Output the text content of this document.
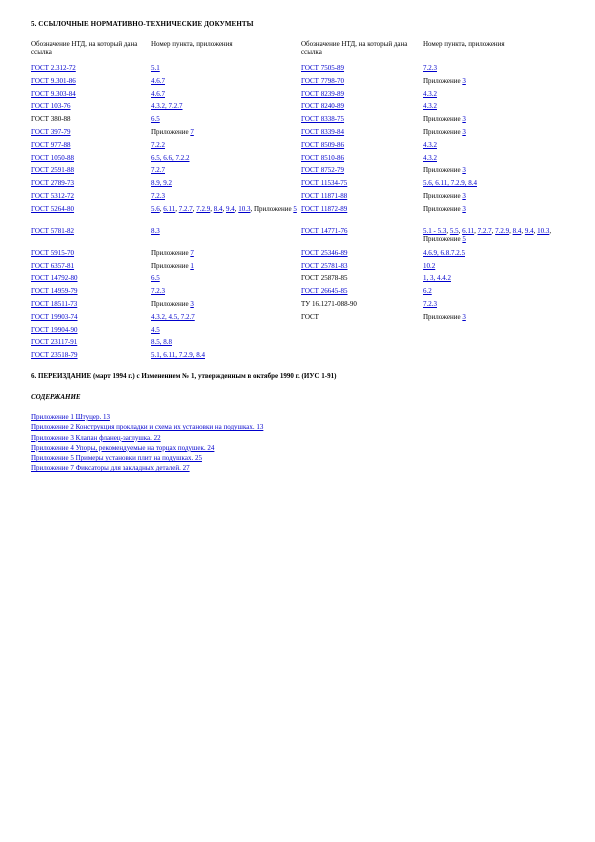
5. ССЫЛОЧНЫЕ НОРМАТИВНО-ТЕХНИЧЕСКИЕ ДОКУМЕНТЫ
Обозначение НТД, на который дана ссылка	Номер пункта, приложения	Обозначение НТД, на который дана ссылка	Номер пункта, приложения
ГОСТ 2.312-72	5.1	ГОСТ 7505-89	7.2.3
ГОСТ 9.301-86	4.6.7	ГОСТ 7798-70	Приложение 3
ГОСТ 9.303-84	4.6.7	ГОСТ 8239-89	4.3.2
ГОСТ 103-76	4.3.2, 7.2.7	ГОСТ 8240-89	4.3.2
ГОСТ 380-88	6.5	ГОСТ 8338-75	Приложение 3
ГОСТ 397-79	Приложение 7	ГОСТ 8339-84	Приложение 3
ГОСТ 977-88	7.2.2	ГОСТ 8509-86	4.3.2
ГОСТ 1050-88	6.5, 6.6, 7.2.2	ГОСТ 8510-86	4.3.2
ГОСТ 2591-88	7.2.7	ГОСТ 8752-79	Приложение 3
ГОСТ 2789-73	8.9, 9.2	ГОСТ 11534-75	5.6, 6.11, 7.2.9, 8.4
ГОСТ 5312-72	7.2.3	ГОСТ 11871-88	Приложение 3
ГОСТ 5264-80	5.6, 6.11, 7.2.7, 7.2.9, 8.4, 9.4, 10.3, Приложение 5	ГОСТ 11872-89	Приложение 3
ГОСТ 5781-82	8.3	ГОСТ 14771-76	5.1 - 5.3, 5.5, 6.11, 7.2.7, 7.2.9, 8.4, 9.4, 10.3, Приложение 5
ГОСТ 5915-70	Приложение 7	ГОСТ 25346-89	4.6.9, 6.8.7.2.5
ГОСТ 6357-81	Приложение 1	ГОСТ 25781-83	10.2
ГОСТ 14792-80	6.5	ГОСТ 25878-85	1, 3, 4.4.2
ГОСТ 14959-79	7.2.3	ГОСТ 26645-85	6.2
ГОСТ 18511-73	Приложение 3	ТУ 16.1271-088-90	7.2.3
ГОСТ 19903-74	4.3.2, 4.5, 7.2.7	ГОСТ	Приложение 3
ГОСТ 19904-90	4.5		
ГОСТ 23117-91	8.5, 8.8		
ГОСТ 23518-79	5.1, 6.11, 7.2.9, 8.4		
6. ПЕРЕИЗДАНИЕ (март 1994 г.) с Изменением № 1, утвержденным в октябре 1990 г. (ИУС 1-91)
СОДЕРЖАНИЕ
Приложение 1 Штуцер. 13
Приложение 2 Конструкция прокладки и схема их установки на подушках. 13
Приложение 3 Клапан фланец-заглушка. 22
Приложение 4 Упоры, рекомендуемые на торцах подушек. 24
Приложение 5 Примеры установки плит на подушках. 25
Приложение 7 Фиксаторы для закладных деталей. 27
